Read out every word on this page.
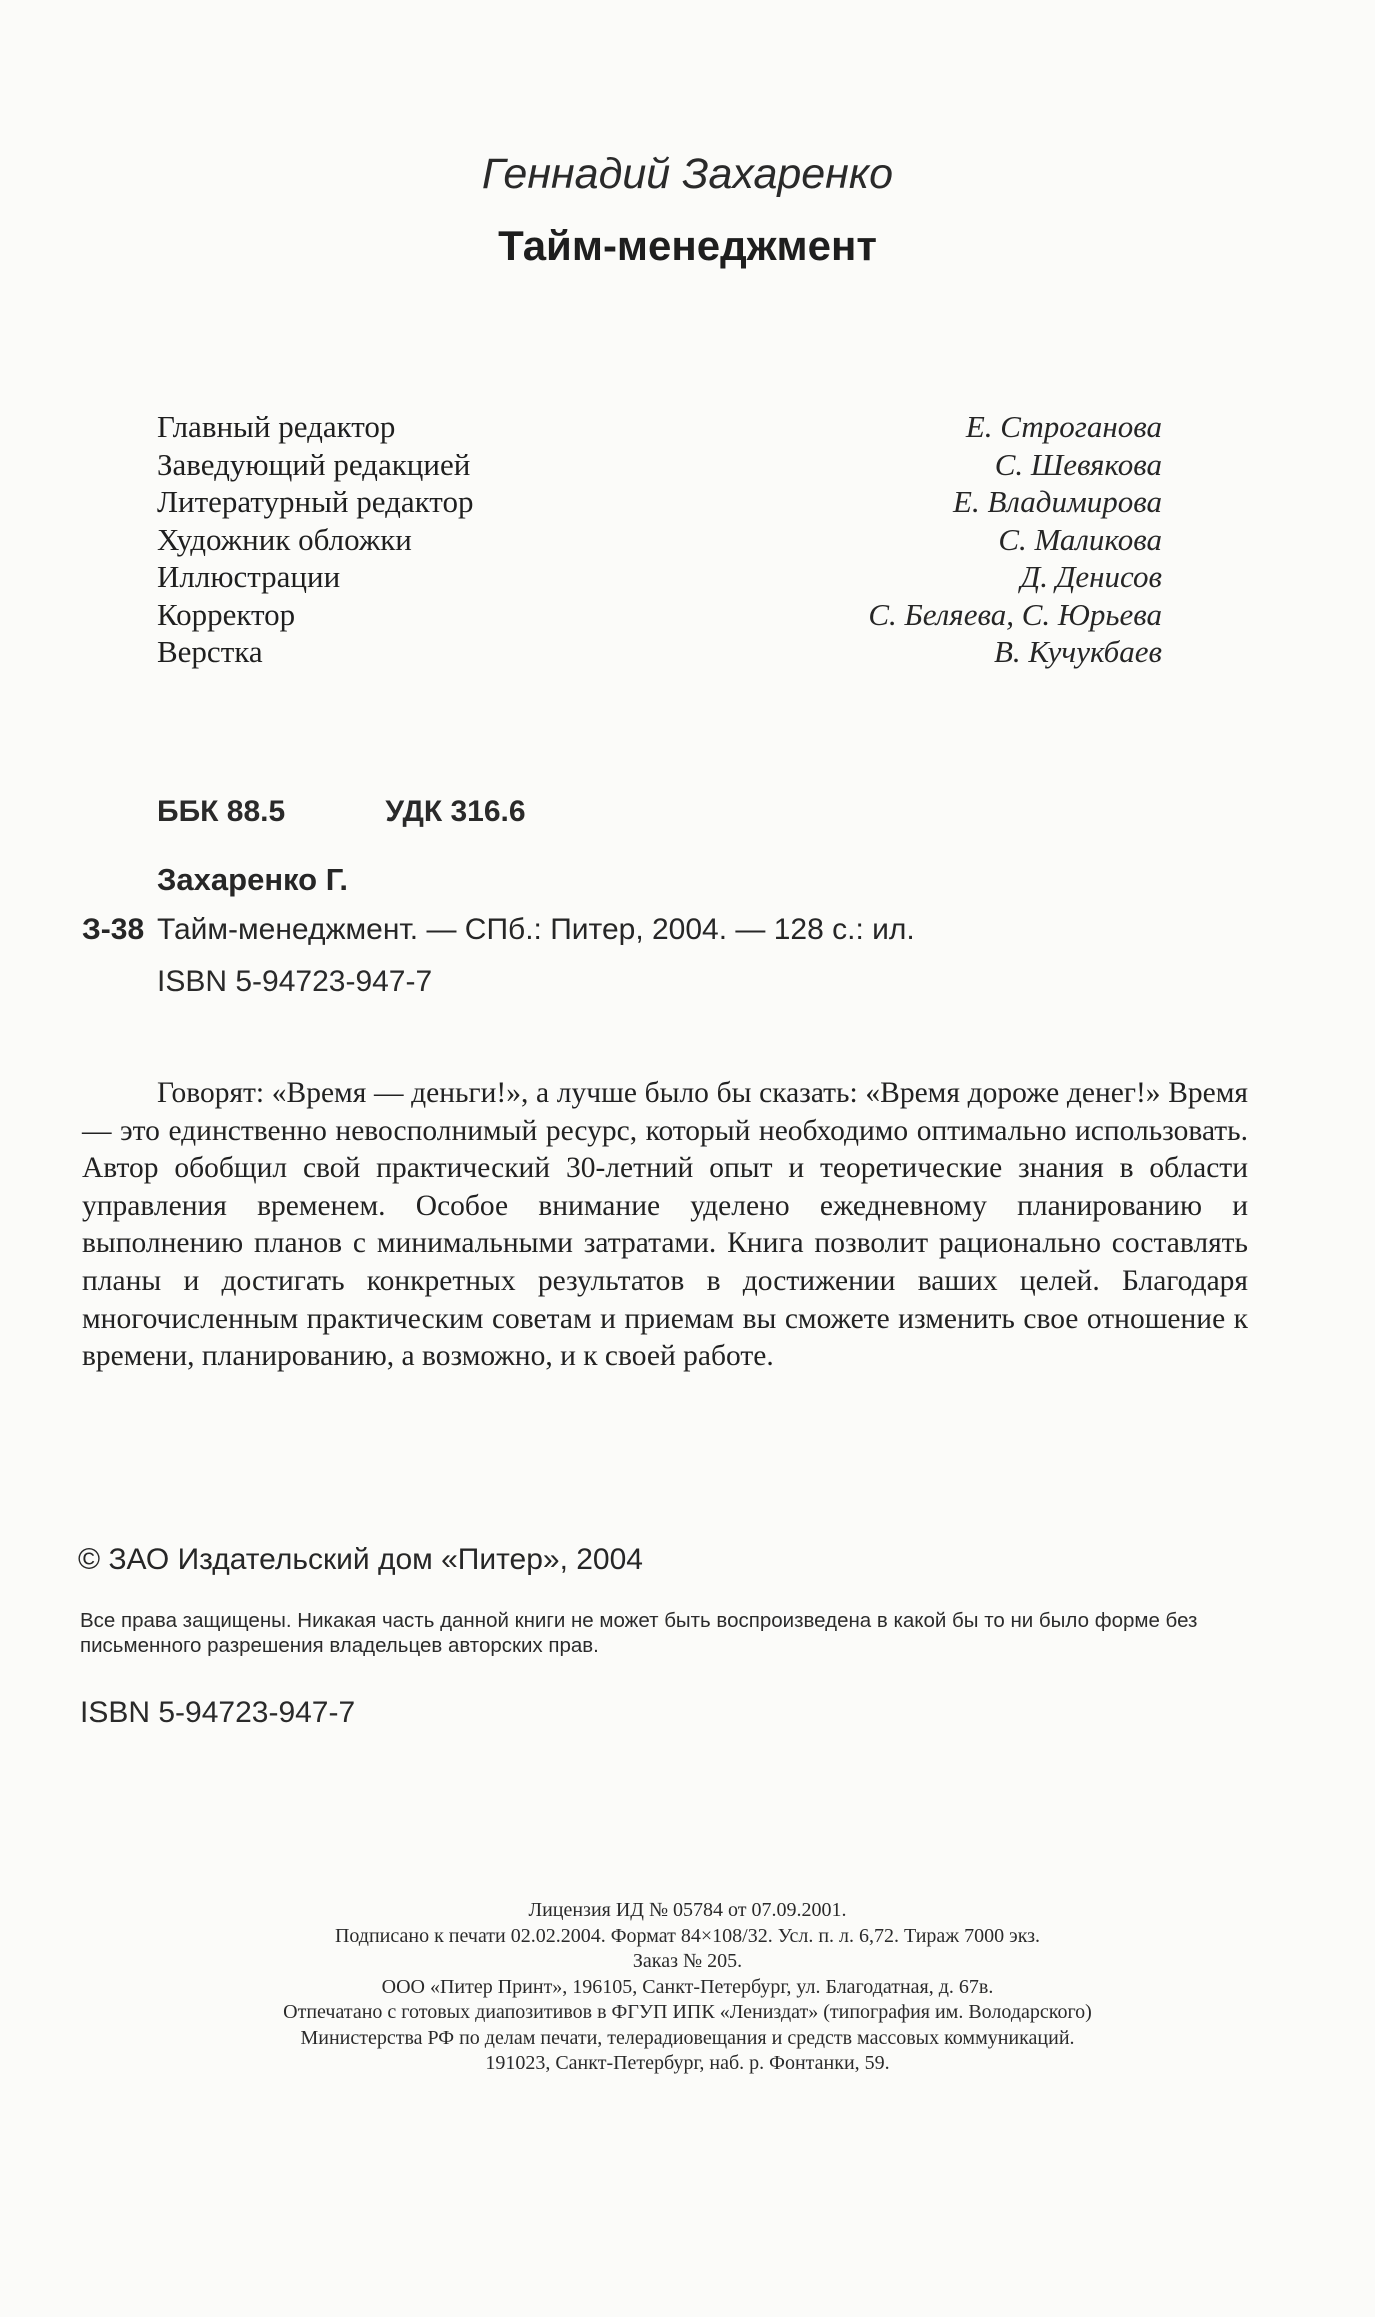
Геннадий Захаренко
Тайм-менеджмент
Главный редактор	Е. Строганова
Заведующий редакцией	С. Шевякова
Литературный редактор	Е. Владимирова
Художник обложки	С. Маликова
Иллюстрации	Д. Денисов
Корректор	С. Беляева, С. Юрьева
Верстка	В. Кучукбаев
ББК 88.5	УДК 316.6
Захаренко Г.
З-38 Тайм-менеджмент. — СПб.: Питер, 2004. — 128 с.: ил.
ISBN 5-94723-947-7
Говорят: «Время — деньги!», а лучше было бы сказать: «Время дороже денег!» Время — это единственно невосполнимый ресурс, который необходимо оптимально использовать. Автор обобщил свой практический 30-летний опыт и теоретические знания в области управления временем. Особое внимание уделено ежедневному планированию и выполнению планов с минимальными затратами. Книга позволит рационально составлять планы и достигать конкретных результатов в достижении ваших целей. Благодаря многочисленным практическим советам и приемам вы сможете изменить свое отношение к времени, планированию, а возможно, и к своей работе.
© ЗАО Издательский дом «Питер», 2004
Все права защищены. Никакая часть данной книги не может быть воспроизведена в какой бы то ни было форме без письменного разрешения владельцев авторских прав.
ISBN 5-94723-947-7
Лицензия ИД № 05784 от 07.09.2001.
Подписано к печати 02.02.2004. Формат 84×108/32. Усл. п. л. 6,72. Тираж 7000 экз.
Заказ № 205.
ООО «Питер Принт», 196105, Санкт-Петербург, ул. Благодатная, д. 67в.
Отпечатано с готовых диапозитивов в ФГУП ИПК «Лениздат» (типография им. Володарского)
Министерства РФ по делам печати, телерадиовещания и средств массовых коммуникаций.
191023, Санкт-Петербург, наб. р. Фонтанки, 59.
